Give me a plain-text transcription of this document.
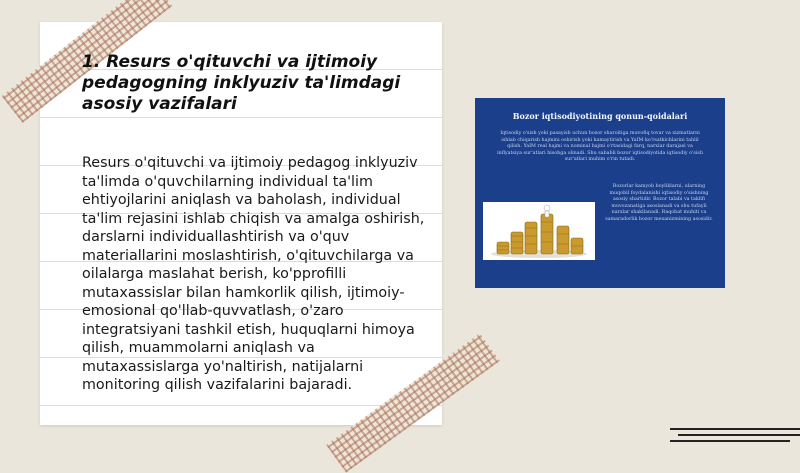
1. Resurs o'qituvchi va ijtimoiy pedagogning inklyuziv ta'limdagi asosiy vazifalari

Resurs o'qituvchi va ijtimoiy pedagog inklyuziv ta'limda o'quvchilarning individual ta'lim ehtiyojlarini aniqlash va baholash, individual ta'lim rejasini ishlab chiqish va amalga oshirish, darslarni individuallashtirish va o'quv materiallarini moslashtirish, o'qituvchilarga va oilalarga maslahat berish, ko'pprofilli mutaxassislar bilan hamkorlik qilish, ijtimoiy-emosional qo'llab-quvvatlash, o'zaro integratsiyani tashkil etish, huquqlarni himoya qilish, muammolarni aniqlash va mutaxassislarga yo'naltirish, natijalarni monitoring qilish vazifalarini bajaradi.

Bozor iqtisodiyotining qonun-qoidalari

Iqtisodiy o'sish yoki pasayish uchun bozor sharoitiga muvofiq tovar va xizmatlarni ishlab chiqarish hajmini oshirish yoki kamaytirish va YaIM ko'rsatkichlarini tahlil qilish. YaIM real hajmi va nominal hajmi o'rtasidagi farq, narxlar darajasi va inflyatsiya sur'atlari hisobga olinadi. Shu sababli bozor iqtisodiyotida iqtisodiy o'sish sur'atlari muhim o'rin tutadi.

Bozorlar kamyob boyliklarni, ularning muqobil foydalanishi iqtisodiy o'sishning asosiy shartidir. Bozor talabi va taklifi muvozanatiga asoslanadi va shu tufayli narxlar shakllanadi. Raqobat muhiti va samaradorlik bozor mexanizmining asosidir.
